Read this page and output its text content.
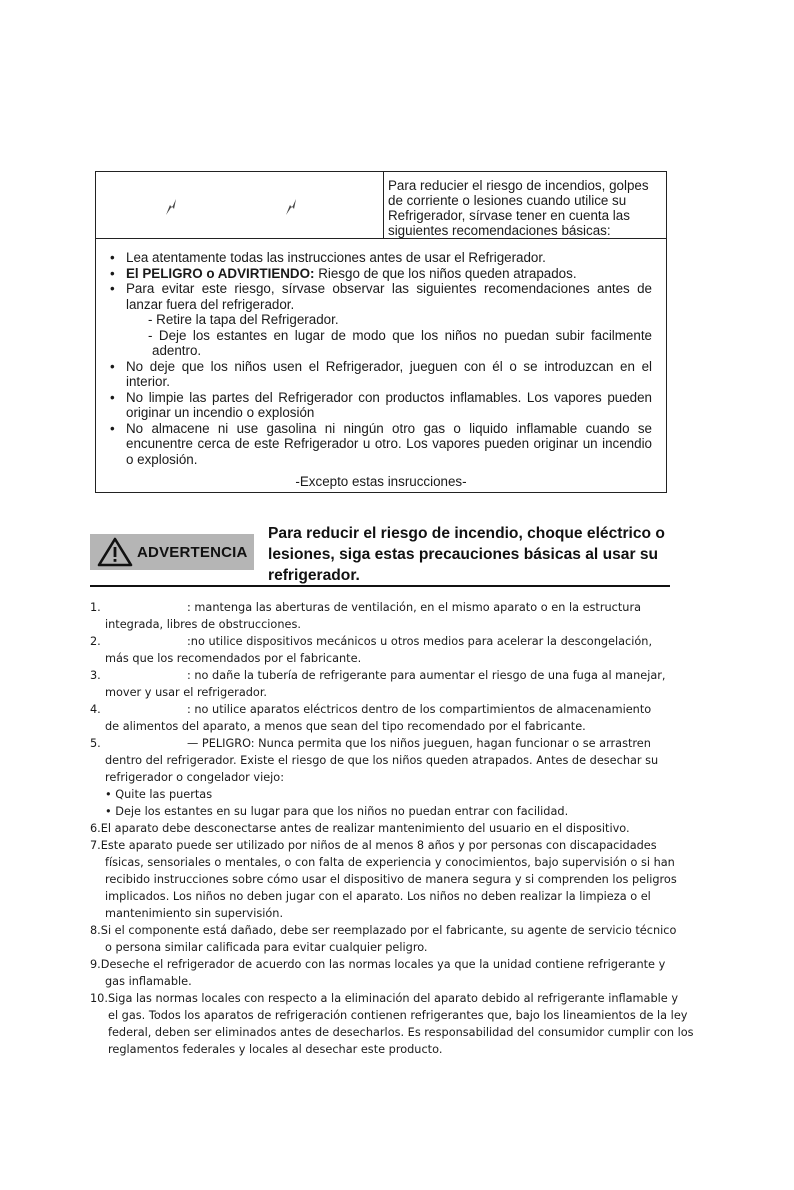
Para reducier el riesgo de incendios, golpes de corriente o lesiones cuando utilice su Refrigerador, sírvase tener en cuenta las siguientes recomendaciones básicas:
• Lea atentamente todas las instrucciones antes de usar el Refrigerador.
• El PELIGRO o ADVIRTIENDO: Riesgo de que los niños queden atrapados.
• Para evitar este riesgo, sírvase observar las siguientes recomendaciones antes de lanzar fuera del refrigerador.
- Retire la tapa del Refrigerador.
- Deje los estantes en lugar de modo que los niños no puedan subir facilmente adentro.
• No deje que los niños usen el Refrigerador, jueguen con él o se introduzcan en el interior.
• No limpie las partes del Refrigerador con productos inflamables. Los vapores pueden originar un incendio o explosión
• No almacene ni use gasolina ni ningún otro gas o liquido inflamable cuando se encunentre cerca de este Refrigerador u otro. Los vapores pueden originar un incendio o explosión.
-Excepto estas insrucciones-
ADVERTENCIA
Para reducir el riesgo de incendio, choque eléctrico o lesiones, siga estas precauciones básicas al usar su refrigerador.
1.	: mantenga las aberturas de ventilación, en el mismo aparato o en la estructura
integrada, libres de obstrucciones.
2.	:no utilice dispositivos mecánicos u otros medios para acelerar la descongelación,
más que los recomendados por el fabricante.
3.	: no dañe la tubería de refrigerante para aumentar el riesgo de una fuga al manejar,
mover y usar el refrigerador.
4.	: no utilice aparatos eléctricos dentro de los compartimientos de almacenamiento
de alimentos del aparato, a menos que sean del tipo recomendado por el fabricante.
5.	— PELIGRO: Nunca permita que los niños jueguen, hagan funcionar o se arrastren
dentro del refrigerador. Existe el riesgo de que los niños queden atrapados. Antes de desechar su
refrigerador o congelador viejo:
• Quite las puertas
• Deje los estantes en su lugar para que los niños no puedan entrar con facilidad.
6.El aparato debe desconectarse antes de realizar mantenimiento del usuario en el dispositivo.
7.Este aparato puede ser utilizado por niños de al menos 8 años y por personas con discapacidades
físicas, sensoriales o mentales, o con falta de experiencia y conocimientos, bajo supervisión o si han
recibido instrucciones sobre cómo usar el dispositivo de manera segura y si comprenden los peligros
implicados. Los niños no deben jugar con el aparato. Los niños no deben realizar la limpieza o el
mantenimiento sin supervisión.
8.Si el componente está dañado, debe ser reemplazado por el fabricante, su agente de servicio técnico
o persona similar calificada para evitar cualquier peligro.
9.Deseche el refrigerador de acuerdo con las normas locales ya que la unidad contiene refrigerante y
gas inflamable.
10.Siga las normas locales con respecto a la eliminación del aparato debido al refrigerante inflamable y
el gas. Todos los aparatos de refrigeración contienen refrigerantes que, bajo los lineamientos de la ley
federal, deben ser eliminados antes de desecharlos. Es responsabilidad del consumidor cumplir con los
reglamentos federales y locales al desechar este producto.
